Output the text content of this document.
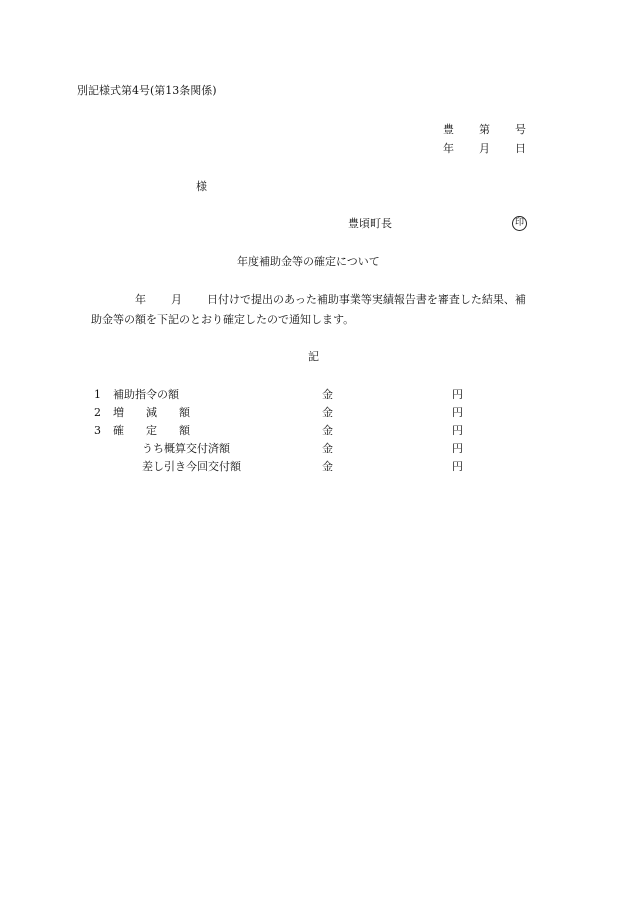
別記様式第4号(第13条関係)
豊 第 号
年 月 日
様
豊頃町長	印
年度補助金等の確定について
年 月 日付けで提出のあった補助事業等実績報告書を審査した結果、補
助金等の額を下記のとおり確定したので通知します。
記
1 補助指令の額	金	円
2 増　　減　　額	金	円
3 確　　定　　額	金	円
うち概算交付済額	金	円
差し引き今回交付額	金	円
